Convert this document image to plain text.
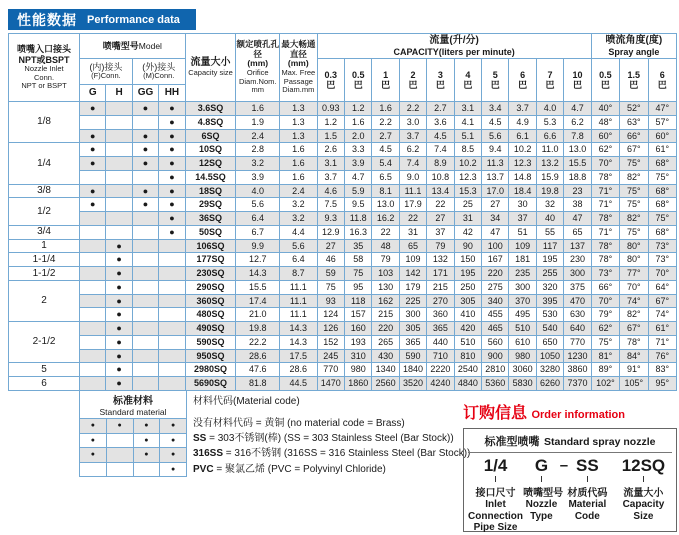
性能数据 Performance data
喷嘴入口接头
NPT或BSPT
Nozzle Inlet
Conn.
NPT or BSPT
	喷嘴型号Model	
流量大小
Capacity size

额定喷孔孔径
(mm)
Orifice
Diam.Nom.
mm

最大畅通直径
(mm)
Max. Free
Passage
Diam.mm

流量(升/分)
CAPACITY(liters per minute)

喷流角度(度)
Spray angle

(内)接头
(F)Conn.

(外)接头
(M)Conn.	0.3
巴

0.5
巴

1
巴

2
巴

3
巴

4
巴

5
巴

6
巴

7
巴

10
巴

0.5
巴

1.5
巴

6
巴

	G	H	GG	HH																
1/8	●		●	●	3.6SQ	1.6	1.3	0.93	1.2	1.6	2.2	2.7	3.1	3.4	3.7	4.0	4.7	40°	52°	47°
				●	4.8SQ	1.9	1.3	1.2	1.6	2.2	3.0	3.6	4.1	4.5	4.9	5.3	6.2	48°	63°	57°
	●		●	●	6SQ	2.4	1.3	1.5	2.0	2.7	3.7	4.5	5.1	5.6	6.1	6.6	7.8	60°	66°	60°
1/4	●		●	●	10SQ	2.8	1.6	2.6	3.3	4.5	6.2	7.4	8.5	9.4	10.2	11.0	13.0	62°	67°	61°
	●		●	●	12SQ	3.2	1.6	3.1	3.9	5.4	7.4	8.9	10.2	11.3	12.3	13.2	15.5	70°	75°	68°
				●	14.5SQ	3.9	1.6	3.7	4.7	6.5	9.0	10.8	12.3	13.7	14.8	15.9	18.8	78°	82°	75°
3/8	●		●	●	18SQ	4.0	2.4	4.6	5.9	8.1	11.1	13.4	15.3	17.0	18.4	19.8	23	71°	75°	68°
1/2	●		●	●	29SQ	5.6	3.2	7.5	9.5	13.0	17.9	22	25	27	30	32	38	71°	75°	68°
				●	36SQ	6.4	3.2	9.3	11.8	16.2	22	27	31	34	37	40	47	78°	82°	75°
3/4				●	50SQ	6.7	4.4	12.9	16.3	22	31	37	42	47	51	55	65	71°	75°	68°
1		●			106SQ	9.9	5.6	27	35	48	65	79	90	100	109	117	137	78°	80°	73°
1-1/4		●			177SQ	12.7	6.4	46	58	79	109	132	150	167	181	195	230	78°	80°	73°
1-1/2		●			230SQ	14.3	8.7	59	75	103	142	171	195	220	235	255	300	73°	77°	70°
2		●			290SQ	15.5	11.1	75	95	130	179	215	250	275	300	320	375	66°	70°	64°
		●			360SQ	17.4	11.1	93	118	162	225	270	305	340	370	395	470	70°	74°	67°
		●			480SQ	21.0	11.1	124	157	215	300	360	410	455	495	530	630	79°	82°	74°
2-1/2		●			490SQ	19.8	14.3	126	160	220	305	365	420	465	510	540	640	62°	67°	61°
		●			590SQ	22.2	14.3	152	193	265	365	440	510	560	610	650	770	75°	78°	71°
		●			950SQ	28.6	17.5	245	310	430	590	710	810	900	980	1050	1230	81°	84°	76°
5		●			2980SQ	47.6	28.6	770	980	1340	1840	2220	2540	2810	3060	3280	3860	89°	91°	83°
6		●			5690SQ	81.8	44.5	1470	1860	2560	3520	4240	4840	5360	5830	6260	7370	102°	105°	95°
标准材料
Standard material			

●	●	●	●
●		●	●
●		●	●
			●
材料代码(Material code)
没有材料代码 = 黄铜 (no material code = Brass)
SS = 303不锈钢(棒) (SS = 303 Stainless Steel (Bar Stock))
316SS = 316不锈钢 (316SS = 316 Stainless Steel (Bar Stock))
PVC = 聚氯乙烯 (PVC = Polyvinyl Chloride)
订购信息 Order information
标准型喷嘴 Standard spray nozzle
1/4	G	SS	12SQ
–
接口尺寸
Inlet
Connection
Pipe Size
喷嘴型号
Nozzle
Type
材质代码
Material
Code
流量大小
Capacity
Size
